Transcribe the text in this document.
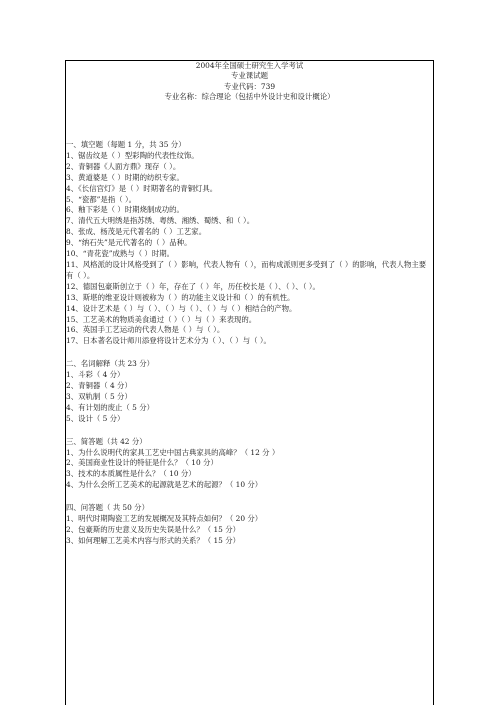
2004年全国硕士研究生入学考试
专业课试题
专业代码：739
专业名称：综合理论（包括中外设计史和设计概论）
一、填空题（每题 1 分，共 35 分）
1、锯齿纹是（ ）型彩陶的代表性纹饰。
2、青铜器《人面方鼎》现存（ ）。
3、黄道婆是（ ）时期的纺织专家。
4、《长信宫灯》是（ ）时期著名的青铜灯具。
5、“瓷都”是指（ ）。
6、釉下彩是（ ）时期烧制成功的。
7、清代五大明绣是指苏绣、粤绣、湘绣、蜀绣、和（ ）。
8、张成、杨茂是元代著名的（ ）工艺家。
9、“纳石失”是元代著名的（ ）品种。
10、“青花瓷”成熟与（ ）时期。
11、风格派的设计风格受到了（ ）影响，代表人物有（ ），而构成派则更多受到了（ ）的影响，代表人物主要有（ ）。
12、德国包豪斯创立于（ ）年，存在了（ ）年，历任校长是（ ）、（ ）、（ ）。
13、斯堪的维亚设计则被称为（ ）的功能主义设计和（ ）的有机性。
14、设计艺术是（ ）与（ ）、（ ）与（ ）、（ ）与（ ）相结合的产物。
15、工艺美术的物质美食通过（ ）（ ）与（ ）来表现的。
16、英国手工艺运动的代表人物是（ ）与（ ）。
17、日本著名设计师川添登将设计艺术分为（ ）、（ ）与（ ）。
二、名词解释（共 23 分）
1、斗彩（ 4 分）
2、青铜器（ 4 分）
3、双轨制（ 5 分）
4、有计划的废止（ 5 分）
5、设计（ 5 分）
三、简答题（共 42 分）
1、为什么说明代的家具工艺史中国古典家具的高峰？（ 12 分 ）
2、美国商业性设计的特征是什么？（ 10 分）
3、技术的本质属性是什么？（ 10 分）
4、为什么会所工艺美术的起源就是艺术的起源？（ 10 分）
四、问答题（ 共 50 分）
1、明代时期陶瓷工艺的发展概况及其特点如何？（ 20 分）
2、包豪斯的历史意义及历史失误是什么？（ 15 分）
3、如何理解工艺美术内容与形式的关系？（ 15 分）
